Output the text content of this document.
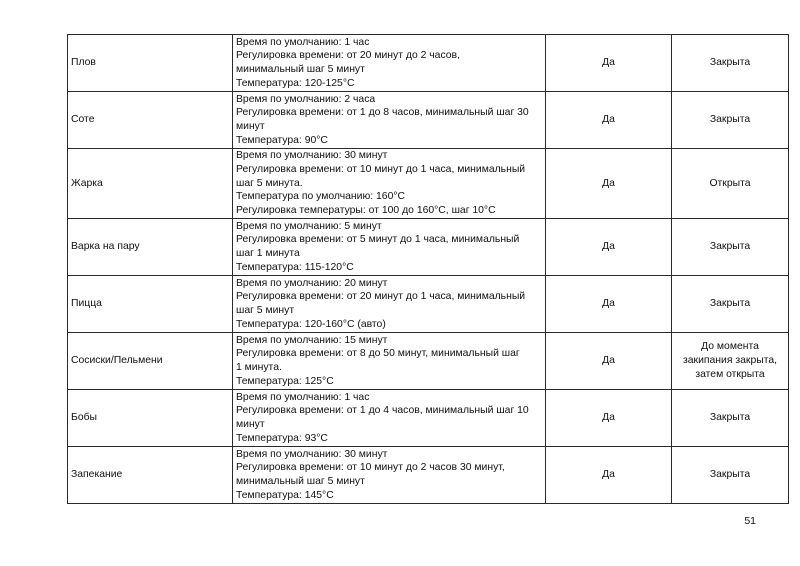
Плов	Время по умолчанию: 1 час
Регулировка времени: от 20 минут до 2 часов,
минимальный шаг 5 минут
Температура: 120-125°C	Да	Закрыта

Соте	Время по умолчанию: 2 часа
Регулировка времени: от 1 до 8 часов, минимальный шаг 30
минут
Температура: 90°C	Да	Закрыта

Жарка	Время по умолчанию: 30 минут
Регулировка времени: от 10 минут до 1 часа, минимальный
шаг 5 минута.
Температура по умолчанию: 160°C
Регулировка температуры: от 100 до 160°C, шаг 10°C	Да	Открыта

Варка на пару	Время по умолчанию: 5 минут
Регулировка времени: от 5 минут до 1 часа, минимальный
шаг 1 минута
Температура: 115-120°C	Да	Закрыта

Пицца	Время по умолчанию: 20 минут
Регулировка времени: от 20 минут до 1 часа, минимальный
шаг 5 минут
Температура: 120-160°C (авто)	Да	Закрыта

Сосиски/Пельмени	Время по умолчанию: 15 минут
Регулировка времени: от 8 до 50 минут, минимальный шаг
1 минута.
Температура: 125°C	Да	До момента
закипания закрыта,
затем открыта

Бобы	Время по умолчанию: 1 час
Регулировка времени: от 1 до 4 часов, минимальный шаг 10
минут
Температура: 93°C	Да	Закрыта

Запекание	Время по умолчанию: 30 минут
Регулировка времени: от 10 минут до 2 часов 30 минут,
минимальный шаг 5 минут
Температура: 145°C	Да	Закрыта
51
